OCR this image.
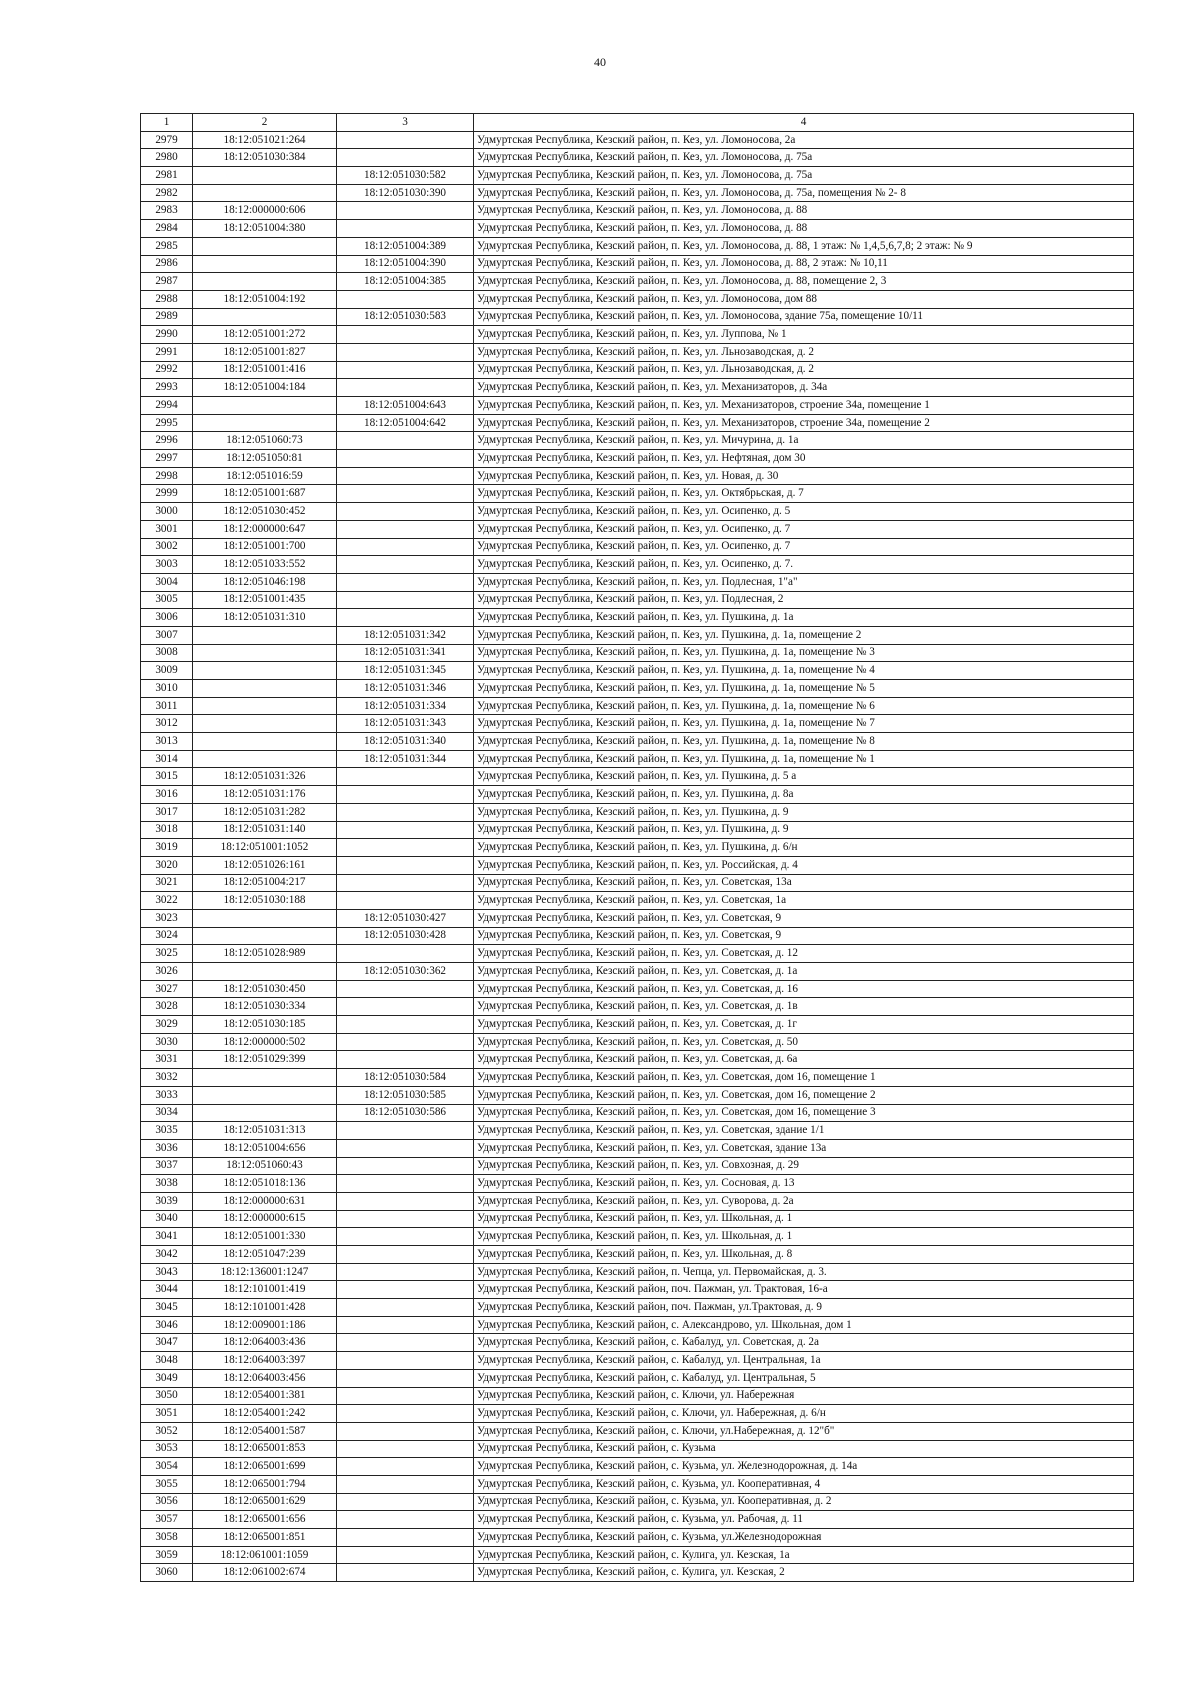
40
1	2	3	4
2979	18:12:051021:264		Удмуртская Республика, Кезский район, п. Кез, ул. Ломоносова, 2а
2980	18:12:051030:384		Удмуртская Республика, Кезский район, п. Кез, ул. Ломоносова, д. 75а
2981		18:12:051030:582	Удмуртская Республика, Кезский район, п. Кез, ул. Ломоносова, д. 75а
2982		18:12:051030:390	Удмуртская Республика, Кезский район, п. Кез, ул. Ломоносова, д. 75а, помещения № 2- 8
2983	18:12:000000:606		Удмуртская Республика, Кезский район, п. Кез, ул. Ломоносова, д. 88
2984	18:12:051004:380		Удмуртская Республика, Кезский район, п. Кез, ул. Ломоносова, д. 88
2985		18:12:051004:389	Удмуртская Республика, Кезский район, п. Кез, ул. Ломоносова, д. 88, 1 этаж: № 1,4,5,6,7,8; 2 этаж: № 9
2986		18:12:051004:390	Удмуртская Республика, Кезский район, п. Кез, ул. Ломоносова, д. 88, 2 этаж: № 10,11
2987		18:12:051004:385	Удмуртская Республика, Кезский район, п. Кез, ул. Ломоносова, д. 88, помещение 2, 3
2988	18:12:051004:192		Удмуртская Республика, Кезский район, п. Кез, ул. Ломоносова, дом 88
2989		18:12:051030:583	Удмуртская Республика, Кезский район, п. Кез, ул. Ломоносова, здание 75а, помещение 10/11
2990	18:12:051001:272		Удмуртская Республика, Кезский район, п. Кез, ул. Луппова, № 1
2991	18:12:051001:827		Удмуртская Республика, Кезский район, п. Кез, ул. Льнозаводская, д. 2
2992	18:12:051001:416		Удмуртская Республика, Кезский район, п. Кез, ул. Льнозаводская, д. 2
2993	18:12:051004:184		Удмуртская Республика, Кезский район, п. Кез, ул. Механизаторов, д. 34а
2994		18:12:051004:643	Удмуртская Республика, Кезский район, п. Кез, ул. Механизаторов, строение 34а, помещение 1
2995		18:12:051004:642	Удмуртская Республика, Кезский район, п. Кез, ул. Механизаторов, строение 34а, помещение 2
2996	18:12:051060:73		Удмуртская Республика, Кезский район, п. Кез, ул. Мичурина, д. 1а
2997	18:12:051050:81		Удмуртская Республика, Кезский район, п. Кез, ул. Нефтяная, дом 30
2998	18:12:051016:59		Удмуртская Республика, Кезский район, п. Кез, ул. Новая, д. 30
2999	18:12:051001:687		Удмуртская Республика, Кезский район, п. Кез, ул. Октябрьская, д. 7
3000	18:12:051030:452		Удмуртская Республика, Кезский район, п. Кез, ул. Осипенко, д. 5
3001	18:12:000000:647		Удмуртская Республика, Кезский район, п. Кез, ул. Осипенко, д. 7
3002	18:12:051001:700		Удмуртская Республика, Кезский район, п. Кез, ул. Осипенко, д. 7
3003	18:12:051033:552		Удмуртская Республика, Кезский район, п. Кез, ул. Осипенко, д. 7.
3004	18:12:051046:198		Удмуртская Республика, Кезский район, п. Кез, ул. Подлесная, 1"а"
3005	18:12:051001:435		Удмуртская Республика, Кезский район, п. Кез, ул. Подлесная, 2
3006	18:12:051031:310		Удмуртская Республика, Кезский район, п. Кез, ул. Пушкина, д. 1а
3007		18:12:051031:342	Удмуртская Республика, Кезский район, п. Кез, ул. Пушкина, д. 1а, помещение 2
3008		18:12:051031:341	Удмуртская Республика, Кезский район, п. Кез, ул. Пушкина, д. 1а, помещение № 3
3009		18:12:051031:345	Удмуртская Республика, Кезский район, п. Кез, ул. Пушкина, д. 1а, помещение № 4
3010		18:12:051031:346	Удмуртская Республика, Кезский район, п. Кез, ул. Пушкина, д. 1а, помещение № 5
3011		18:12:051031:334	Удмуртская Республика, Кезский район, п. Кез, ул. Пушкина, д. 1а, помещение № 6
3012		18:12:051031:343	Удмуртская Республика, Кезский район, п. Кез, ул. Пушкина, д. 1а, помещение № 7
3013		18:12:051031:340	Удмуртская Республика, Кезский район, п. Кез, ул. Пушкина, д. 1а, помещение № 8
3014		18:12:051031:344	Удмуртская Республика, Кезский район, п. Кез, ул. Пушкина, д. 1а, помещение № 1
3015	18:12:051031:326		Удмуртская Республика, Кезский район, п. Кез, ул. Пушкина, д. 5 а
3016	18:12:051031:176		Удмуртская Республика, Кезский район, п. Кез, ул. Пушкина, д. 8а
3017	18:12:051031:282		Удмуртская Республика, Кезский район, п. Кез, ул. Пушкина, д. 9
3018	18:12:051031:140		Удмуртская Республика, Кезский район, п. Кез, ул. Пушкина, д. 9
3019	18:12:051001:1052		Удмуртская Республика, Кезский район, п. Кез, ул. Пушкина, д. 6/н
3020	18:12:051026:161		Удмуртская Республика, Кезский район, п. Кез, ул. Российская, д. 4
3021	18:12:051004:217		Удмуртская Республика, Кезский район, п. Кез, ул. Советская, 13а
3022	18:12:051030:188		Удмуртская Республика, Кезский район, п. Кез, ул. Советская, 1а
3023		18:12:051030:427	Удмуртская Республика, Кезский район, п. Кез, ул. Советская, 9
3024		18:12:051030:428	Удмуртская Республика, Кезский район, п. Кез, ул. Советская, 9
3025	18:12:051028:989		Удмуртская Республика, Кезский район, п. Кез, ул. Советская, д. 12
3026		18:12:051030:362	Удмуртская Республика, Кезский район, п. Кез, ул. Советская, д. 1а
3027	18:12:051030:450		Удмуртская Республика, Кезский район, п. Кез, ул. Советская, д. 16
3028	18:12:051030:334		Удмуртская Республика, Кезский район, п. Кез, ул. Советская, д. 1в
3029	18:12:051030:185		Удмуртская Республика, Кезский район, п. Кез, ул. Советская, д. 1г
3030	18:12:000000:502		Удмуртская Республика, Кезский район, п. Кез, ул. Советская, д. 50
3031	18:12:051029:399		Удмуртская Республика, Кезский район, п. Кез, ул. Советская, д. 6а
3032		18:12:051030:584	Удмуртская Республика, Кезский район, п. Кез, ул. Советская, дом 16, помещение 1
3033		18:12:051030:585	Удмуртская Республика, Кезский район, п. Кез, ул. Советская, дом 16, помещение 2
3034		18:12:051030:586	Удмуртская Республика, Кезский район, п. Кез, ул. Советская, дом 16, помещение 3
3035	18:12:051031:313		Удмуртская Республика, Кезский район, п. Кез, ул. Советская, здание 1/1
3036	18:12:051004:656		Удмуртская Республика, Кезский район, п. Кез, ул. Советская, здание 13а
3037	18:12:051060:43		Удмуртская Республика, Кезский район, п. Кез, ул. Совхозная, д. 29
3038	18:12:051018:136		Удмуртская Республика, Кезский район, п. Кез, ул. Сосновая, д. 13
3039	18:12:000000:631		Удмуртская Республика, Кезский район, п. Кез, ул. Суворова, д. 2а
3040	18:12:000000:615		Удмуртская Республика, Кезский район, п. Кез, ул. Школьная, д. 1
3041	18:12:051001:330		Удмуртская Республика, Кезский район, п. Кез, ул. Школьная, д. 1
3042	18:12:051047:239		Удмуртская Республика, Кезский район, п. Кез, ул. Школьная, д. 8
3043	18:12:136001:1247		Удмуртская Республика, Кезский район, п. Чепца, ул. Первомайская, д. 3.
3044	18:12:101001:419		Удмуртская Республика, Кезский район, поч. Пажман, ул. Трактовая, 16-а
3045	18:12:101001:428		Удмуртская Республика, Кезский район, поч. Пажман, ул.Трактовая, д. 9
3046	18:12:009001:186		Удмуртская Республика, Кезский район, с. Александрово, ул. Школьная, дом 1
3047	18:12:064003:436		Удмуртская Республика, Кезский район, с. Кабалуд, ул. Советская, д. 2а
3048	18:12:064003:397		Удмуртская Республика, Кезский район, с. Кабалуд, ул. Центральная, 1а
3049	18:12:064003:456		Удмуртская Республика, Кезский район, с. Кабалуд, ул. Центральная, 5
3050	18:12:054001:381		Удмуртская Республика, Кезский район, с. Ключи, ул. Набережная
3051	18:12:054001:242		Удмуртская Республика, Кезский район, с. Ключи, ул. Набережная, д. 6/н
3052	18:12:054001:587		Удмуртская Республика, Кезский район, с. Ключи, ул.Набережная, д. 12"б"
3053	18:12:065001:853		Удмуртская Республика, Кезский район, с. Кузьма
3054	18:12:065001:699		Удмуртская Республика, Кезский район, с. Кузьма, ул. Железнодорожная, д. 14а
3055	18:12:065001:794		Удмуртская Республика, Кезский район, с. Кузьма, ул. Кооперативная, 4
3056	18:12:065001:629		Удмуртская Республика, Кезский район, с. Кузьма, ул. Кооперативная, д. 2
3057	18:12:065001:656		Удмуртская Республика, Кезский район, с. Кузьма, ул. Рабочая, д. 11
3058	18:12:065001:851		Удмуртская Республика, Кезский район, с. Кузьма, ул.Железнодорожная
3059	18:12:061001:1059		Удмуртская Республика, Кезский район, с. Кулига, ул. Кезская, 1а
3060	18:12:061002:674		Удмуртская Республика, Кезский район, с. Кулига, ул. Кезская, 2
